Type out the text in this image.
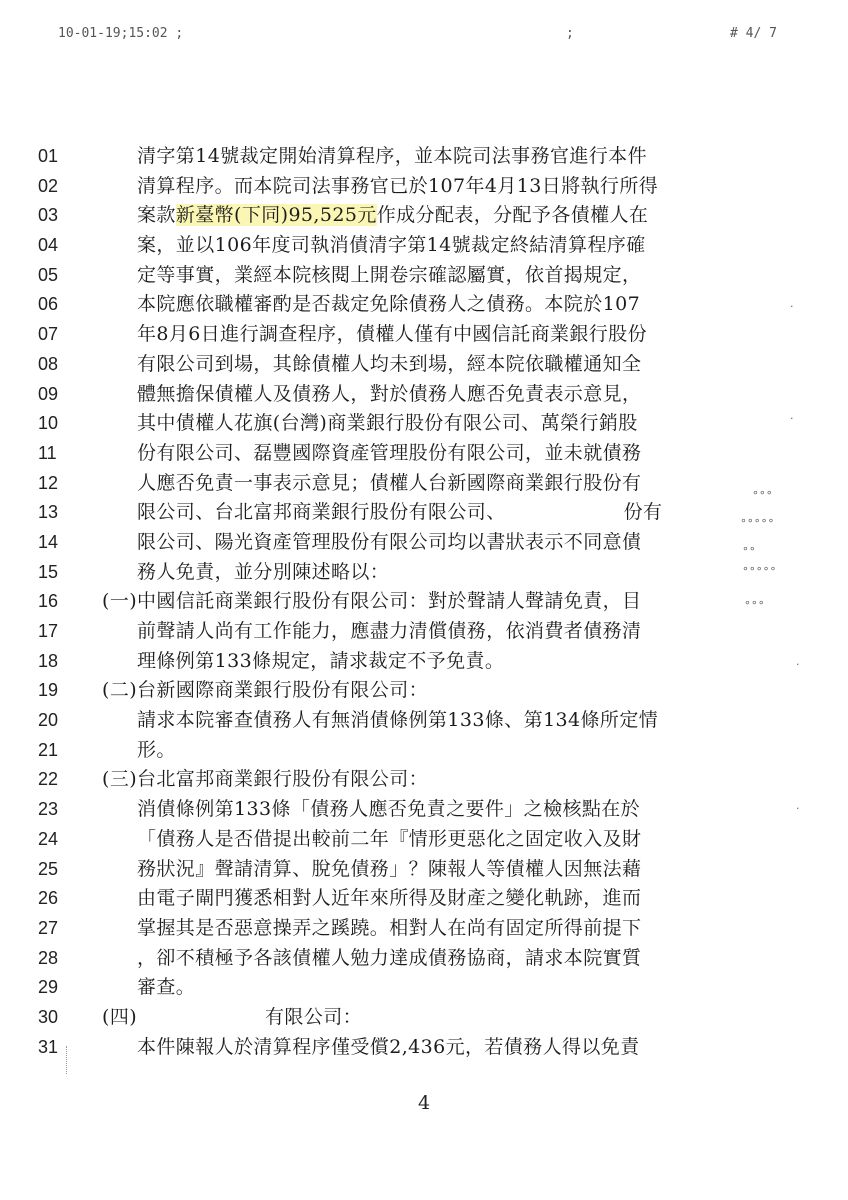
10-01-19;15:02 ;	;	# 4/ 7
01	清字第14號裁定開始清算程序，並本院司法事務官進行本件
02	清算程序。而本院司法事務官已於107年4月13日將執行所得
03	案款新臺幣(下同)95,525元作成分配表，分配予各債權人在
04	案，並以106年度司執消債清字第14號裁定終結清算程序確
05	定等事實，業經本院核閱上開卷宗確認屬實，依首揭規定，
06	本院應依職權審酌是否裁定免除債務人之債務。本院於107
07	年8月6日進行調查程序，債權人僅有中國信託商業銀行股份
08	有限公司到場，其餘債權人均未到場，經本院依職權通知全
09	體無擔保債權人及債務人，對於債務人應否免責表示意見，
10	其中債權人花旗(台灣)商業銀行股份有限公司、萬榮行銷股
11	份有限公司、磊豐國際資產管理股份有限公司，並未就債務
12	人應否免責一事表示意見；債權人台新國際商業銀行股份有
13	限公司、台北富邦商業銀行股份有限公司、	份有
14	限公司、陽光資產管理股份有限公司均以書狀表示不同意債
15	務人免責，並分別陳述略以：
16	(一)中國信託商業銀行股份有限公司：對於聲請人聲請免責，目
17	前聲請人尚有工作能力，應盡力清償債務，依消費者債務清
18	理條例第133條規定，請求裁定不予免責。
19	(二)台新國際商業銀行股份有限公司：
20	請求本院審查債務人有無消債條例第133條、第134條所定情
21	形。
22	(三)台北富邦商業銀行股份有限公司：
23	消債條例第133條「債務人應否免責之要件」之檢核點在於
24	「債務人是否借提出較前二年『情形更惡化之固定收入及財
25	務狀況』聲請清算、脫免債務」？陳報人等債權人因無法藉
26	由電子閘門獲悉相對人近年來所得及財產之變化軌跡，進而
27	掌握其是否惡意操弄之蹊蹺。相對人在尚有固定所得前提下
28	，卻不積極予各該債權人勉力達成債務協商，請求本院實質
29	審查。
30	(四)	有限公司：
31	本件陳報人於清算程序僅受償2,436元，若債務人得以免責
·
·
∘∘∘
∘∘∘∘∘
∘∘
∘∘∘∘∘
∘∘∘
·
·
4
